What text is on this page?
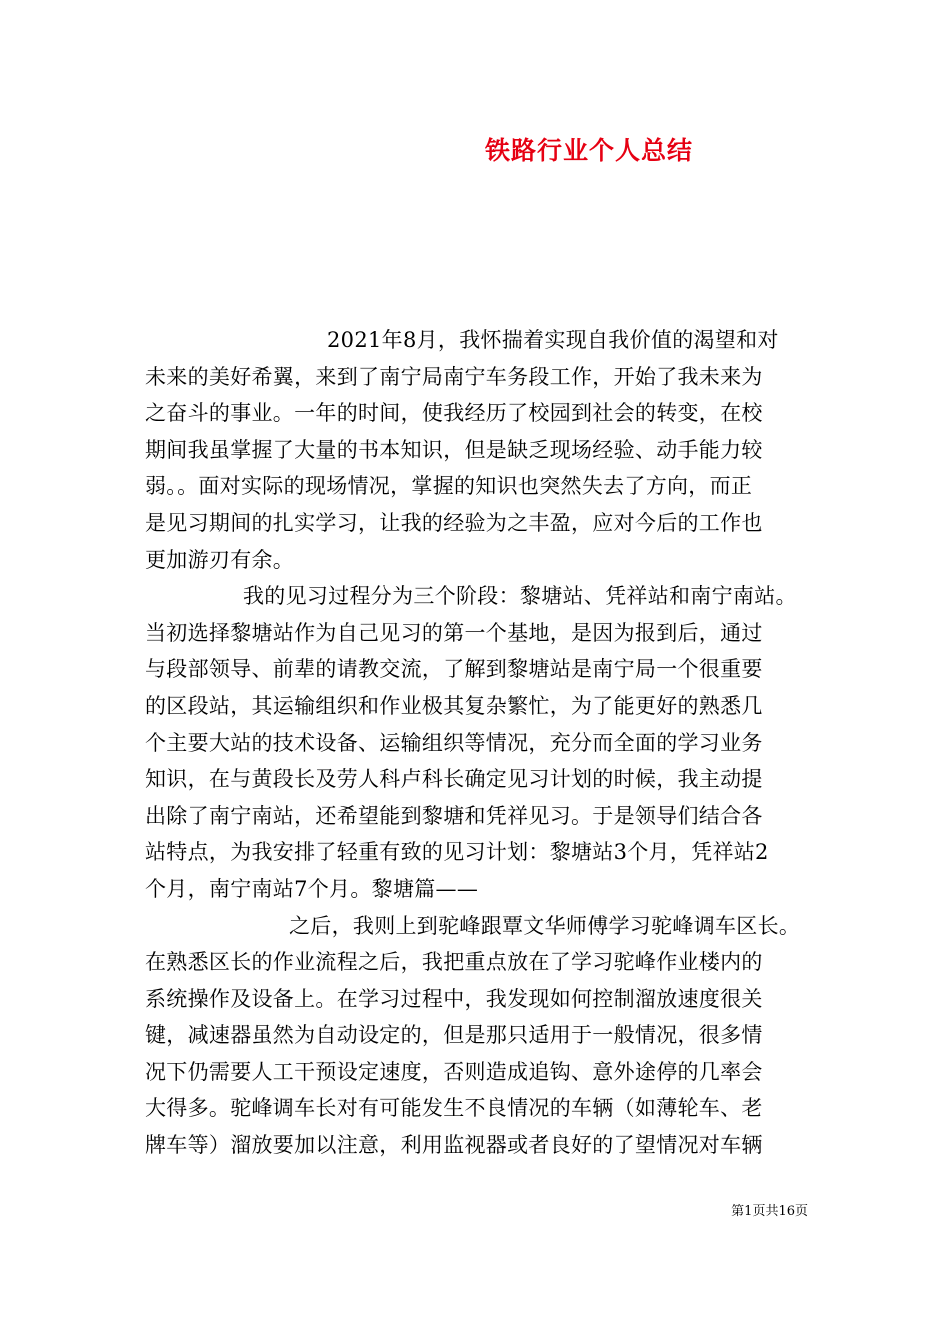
铁路行业个人总结
2021年8月，我怀揣着实现自我价值的渴望和对
未来的美好希翼，来到了南宁局南宁车务段工作，开始了我未来为
之奋斗的事业。一年的时间，使我经历了校园到社会的转变，在校
期间我虽掌握了大量的书本知识，但是缺乏现场经验、动手能力较
弱。。面对实际的现场情况，掌握的知识也突然失去了方向，而正
是见习期间的扎实学习，让我的经验为之丰盈，应对今后的工作也
更加游刃有余。
我的见习过程分为三个阶段：黎塘站、凭祥站和南宁南站。
当初选择黎塘站作为自己见习的第一个基地，是因为报到后，通过
与段部领导、前辈的请教交流，了解到黎塘站是南宁局一个很重要
的区段站，其运输组织和作业极其复杂繁忙，为了能更好的熟悉几
个主要大站的技术设备、运输组织等情况，充分而全面的学习业务
知识，在与黄段长及劳人科卢科长确定见习计划的时候，我主动提
出除了南宁南站，还希望能到黎塘和凭祥见习。于是领导们结合各
站特点，为我安排了轻重有致的见习计划：黎塘站3个月，凭祥站2
个月，南宁南站7个月。黎塘篇——
之后，我则上到驼峰跟覃文华师傅学习驼峰调车区长。
在熟悉区长的作业流程之后，我把重点放在了学习驼峰作业楼内的
系统操作及设备上。在学习过程中，我发现如何控制溜放速度很关
键，减速器虽然为自动设定的，但是那只适用于一般情况，很多情
况下仍需要人工干预设定速度，否则造成追钩、意外途停的几率会
大得多。驼峰调车长对有可能发生不良情况的车辆（如薄轮车、老
牌车等）溜放要加以注意，利用监视器或者良好的了望情况对车辆
第1页共16页
